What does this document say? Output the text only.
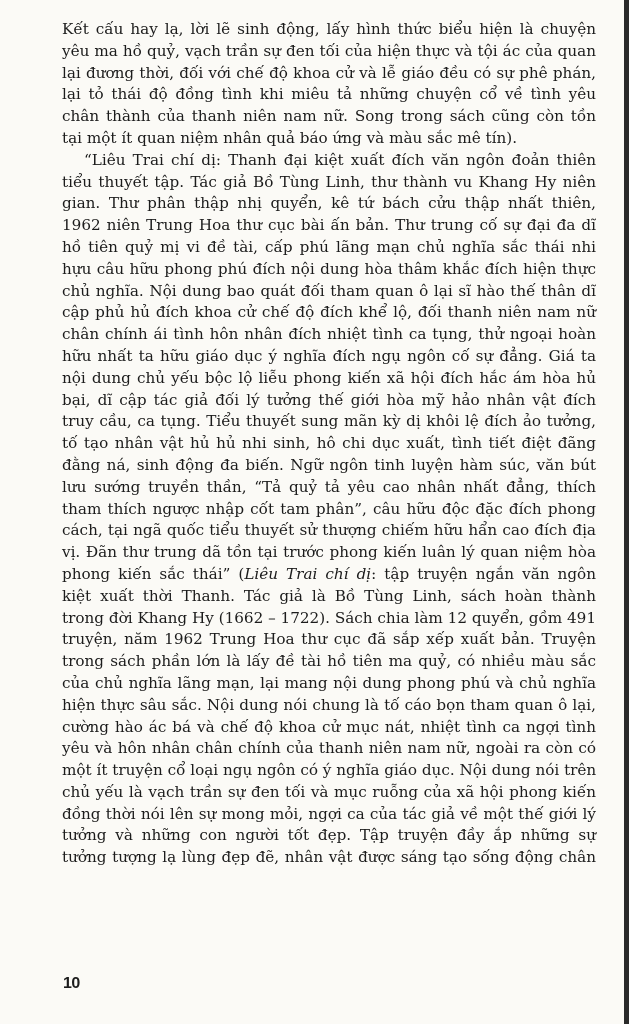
Kết cấu hay lạ, lời lẽ sinh động, lấy hình thức biểu hiện là chuyện
yêu ma hồ quỷ, vạch trần sự đen tối của hiện thực và tội ác của quan
lại đương thời, đối với chế độ khoa cử và lễ giáo đều có sự phê phán,
lại tỏ thái độ đồng tình khi miêu tả những chuyện cổ về tình yêu
chân thành của thanh niên nam nữ. Song trong sách cũng còn tồn
tại một ít quan niệm nhân quả báo ứng và màu sắc mê tín).
“Liêu Trai chí dị: Thanh đại kiệt xuất đích văn ngôn đoản thiên
tiểu thuyết tập. Tác giả Bồ Tùng Linh, thư thành vu Khang Hy niên
gian. Thư phân thập nhị quyển, kê tứ bách cửu thập nhất thiên,
1962 niên Trung Hoa thư cục bài ấn bản. Thư trung cố sự đại đa dĩ
hồ tiên quỷ mị vi đề tài, cấp phú lãng mạn chủ nghĩa sắc thái nhi
hựu câu hữu phong phú đích nội dung hòa thâm khắc đích hiện thực
chủ nghĩa. Nội dung bao quát đối tham quan ô lại sĩ hào thế thân dĩ
cập phủ hủ đích khoa cử chế độ đích khể lộ, đối thanh niên nam nữ
chân chính ái tình hôn nhân đích nhiệt tình ca tụng, thử ngoại hoàn
hữu nhất ta hữu giáo dục ý nghĩa đích ngụ ngôn cố sự đẳng. Giá ta
nội dung chủ yếu bộc lộ liễu phong kiến xã hội đích hắc ám hòa hủ
bại, dĩ cập tác giả đối lý tưởng thế giới hòa mỹ hảo nhân vật đích
truy cầu, ca tụng. Tiểu thuyết sung mãn kỳ dị khôi lệ đích ảo tưởng,
tố tạo nhân vật hủ hủ nhi sinh, hô chi dục xuất, tình tiết điệt đãng
đằng ná, sinh động đa biến. Ngữ ngôn tinh luyện hàm súc, văn bút
lưu sướng truyền thần, “Tả quỷ tả yêu cao nhân nhất đẳng, thích
tham thích ngược nhập cốt tam phân”, câu hữu độc đặc đích phong
cách, tại ngã quốc tiểu thuyết sử thượng chiếm hữu hẩn cao đích địa
vị. Đãn thư trung dã tồn tại trước phong kiến luân lý quan niệm hòa
phong kiến sắc thái” (Liêu Trai chí dị: tập truyện ngắn văn ngôn
kiệt xuất thời Thanh. Tác giả là Bồ Tùng Linh, sách hoàn thành
trong đời Khang Hy (1662 – 1722). Sách chia làm 12 quyển, gồm 491
truyện, năm 1962 Trung Hoa thư cục đã sắp xếp xuất bản. Truyện
trong sách phần lớn là lấy đề tài hồ tiên ma quỷ, có nhiều màu sắc
của chủ nghĩa lãng mạn, lại mang nội dung phong phú và chủ nghĩa
hiện thực sâu sắc. Nội dung nói chung là tố cáo bọn tham quan ô lại,
cường hào ác bá và chế độ khoa cử mục nát, nhiệt tình ca ngợi tình
yêu và hôn nhân chân chính của thanh niên nam nữ, ngoài ra còn có
một ít truyện cổ loại ngụ ngôn có ý nghĩa giáo dục. Nội dung nói trên
chủ yếu là vạch trần sự đen tối và mục ruỗng của xã hội phong kiến
đồng thời nói lên sự mong mỏi, ngợi ca của tác giả về một thế giới lý
tưởng và những con người tốt đẹp. Tập truyện đầy ắp những sự
tưởng tượng lạ lùng đẹp đẽ, nhân vật được sáng tạo sống động chân
10
